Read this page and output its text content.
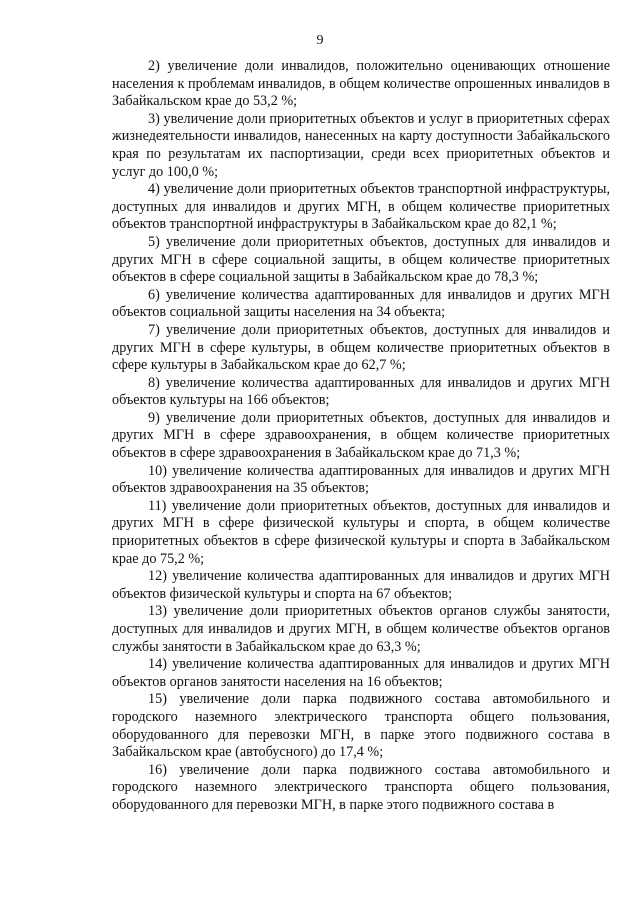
9

2) увеличение доли инвалидов, положительно оценивающих отношение населения к проблемам инвалидов, в общем количестве опрошенных инвалидов в Забайкальском крае до 53,2 %;

3) увеличение доли приоритетных объектов и услуг в приоритетных сферах жизнедеятельности инвалидов, нанесенных на карту доступности Забайкальского края по результатам их паспортизации, среди всех приоритетных объектов и услуг до 100,0 %;

4) увеличение доли приоритетных объектов транспортной инфраструктуры, доступных для инвалидов и других МГН, в общем количестве приоритетных объектов транспортной инфраструктуры в Забайкальском крае до 82,1 %;

5) увеличение доли приоритетных объектов, доступных для инвалидов и других МГН в сфере социальной защиты, в общем количестве приоритетных объектов в сфере социальной защиты в Забайкальском крае до 78,3 %;

6) увеличение количества адаптированных для инвалидов и других МГН объектов социальной защиты населения на 34 объекта;

7) увеличение доли приоритетных объектов, доступных для инвалидов и других МГН в сфере культуры, в общем количестве приоритетных объектов в сфере культуры в Забайкальском крае до 62,7 %;

8) увеличение количества адаптированных для инвалидов и других МГН объектов культуры на 166 объектов;

9) увеличение доли приоритетных объектов, доступных для инвалидов и других МГН в сфере здравоохранения, в общем количестве приоритетных объектов в сфере здравоохранения в Забайкальском крае до 71,3 %;

10) увеличение количества адаптированных для инвалидов и других МГН объектов здравоохранения на 35 объектов;

11) увеличение доли приоритетных объектов, доступных для инвалидов и других МГН в сфере физической культуры и спорта, в общем количестве приоритетных объектов в сфере физической культуры и спорта в Забайкальском крае до 75,2 %;

12) увеличение количества адаптированных для инвалидов и других МГН объектов физической культуры и спорта на 67 объектов;

13) увеличение доли приоритетных объектов органов службы занятости, доступных для инвалидов и других МГН, в общем количестве объектов органов службы занятости в Забайкальском крае до 63,3 %;

14) увеличение количества адаптированных для инвалидов и других МГН объектов органов занятости населения на 16 объектов;

15) увеличение доли парка подвижного состава автомобильного и городского наземного электрического транспорта общего пользования, оборудованного для перевозки МГН, в парке этого подвижного состава в Забайкальском крае (автобусного) до 17,4 %;

16) увеличение доли парка подвижного состава автомобильного и городского наземного электрического транспорта общего пользования, оборудованного для перевозки МГН, в парке этого подвижного состава в
